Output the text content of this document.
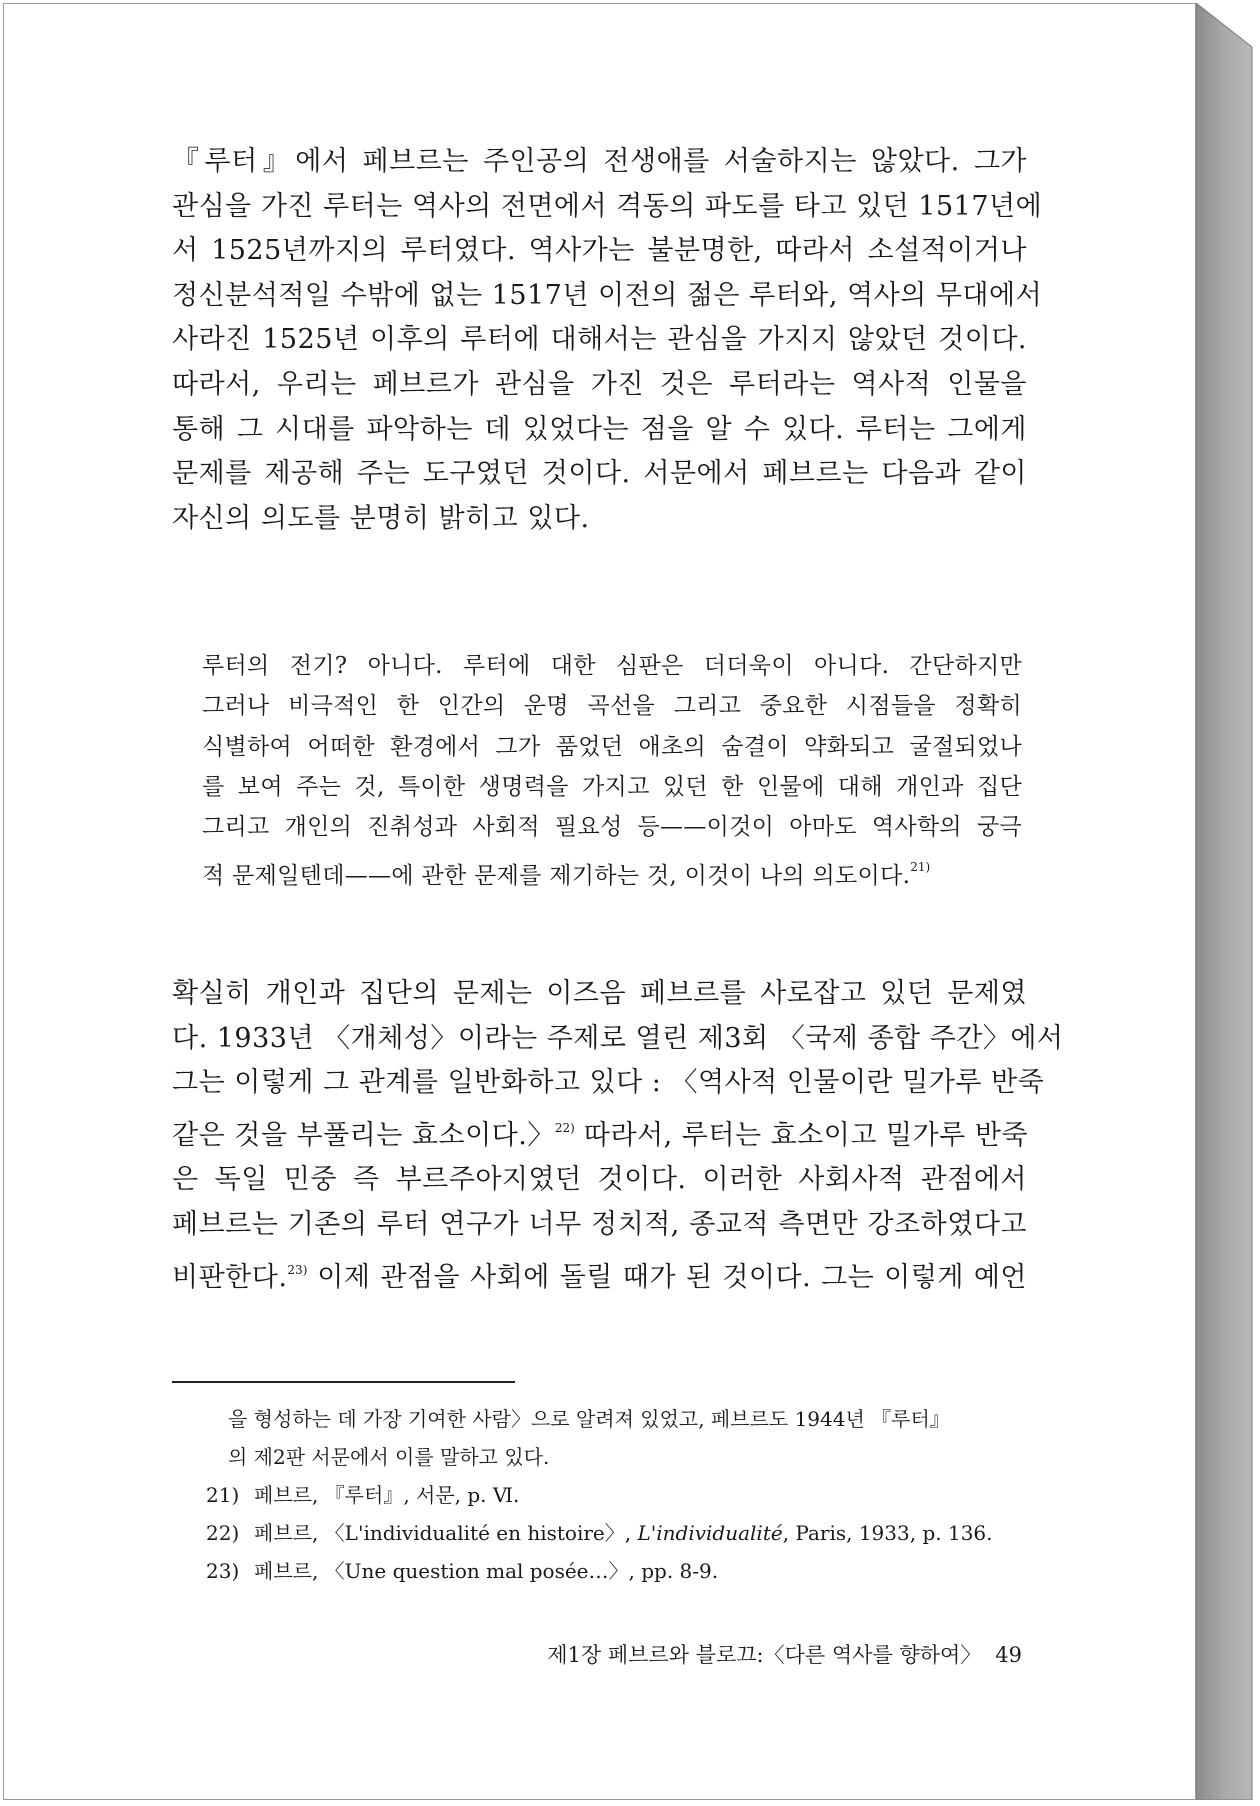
『루터』에서 페브르는 주인공의 전생애를 서술하지는 않았다. 그가
관심을 가진 루터는 역사의 전면에서 격동의 파도를 타고 있던 1517년에
서 1525년까지의 루터였다. 역사가는 불분명한, 따라서 소설적이거나
정신분석적일 수밖에 없는 1517년 이전의 젊은 루터와, 역사의 무대에서
사라진 1525년 이후의 루터에 대해서는 관심을 가지지 않았던 것이다.
따라서, 우리는 페브르가 관심을 가진 것은 루터라는 역사적 인물을
통해 그 시대를 파악하는 데 있었다는 점을 알 수 있다. 루터는 그에게
문제를 제공해 주는 도구였던 것이다. 서문에서 페브르는 다음과 같이
자신의 의도를 분명히 밝히고 있다.

루터의 전기? 아니다. 루터에 대한 심판은 더더욱이 아니다. 간단하지만
그러나 비극적인 한 인간의 운명 곡선을 그리고 중요한 시점들을 정확히
식별하여 어떠한 환경에서 그가 품었던 애초의 숨결이 약화되고 굴절되었나
를 보여 주는 것, 특이한 생명력을 가지고 있던 한 인물에 대해 개인과 집단
그리고 개인의 진취성과 사회적 필요성 등——이것이 아마도 역사학의 궁극
적 문제일텐데——에 관한 문제를 제기하는 것, 이것이 나의 의도이다.$^{21)}$

확실히 개인과 집단의 문제는 이즈음 페브르를 사로잡고 있던 문제였
다. 1933년 〈개체성〉이라는 주제로 열린 제3회 〈국제 종합 주간〉에서
그는 이렇게 그 관계를 일반화하고 있다 : 〈역사적 인물이란 밀가루 반죽
같은 것을 부풀리는 효소이다.〉$^{22)}$ 따라서, 루터는 효소이고 밀가루 반죽
은 독일 민중 즉 부르주아지였던 것이다. 이러한 사회사적 관점에서
페브르는 기존의 루터 연구가 너무 정치적, 종교적 측면만 강조하였다고
비판한다.$^{23)}$ 이제 관점을 사회에 돌릴 때가 된 것이다. 그는 이렇게 예언

을 형성하는 데 가장 기여한 사람〉으로 알려져 있었고, 페브르도 1944년 『루터』
의 제2판 서문에서 이를 말하고 있다.
21) 페브르, 『루터』, 서문, p. Ⅵ.
22) 페브르, 〈L'individualité en histoire〉, L'individualité, Paris, 1933, p. 136.
23) 페브르, 〈Une question mal posée…〉, pp. 8-9.
제1장 페브르와 블로끄:〈다른 역사를 향하여〉 49
